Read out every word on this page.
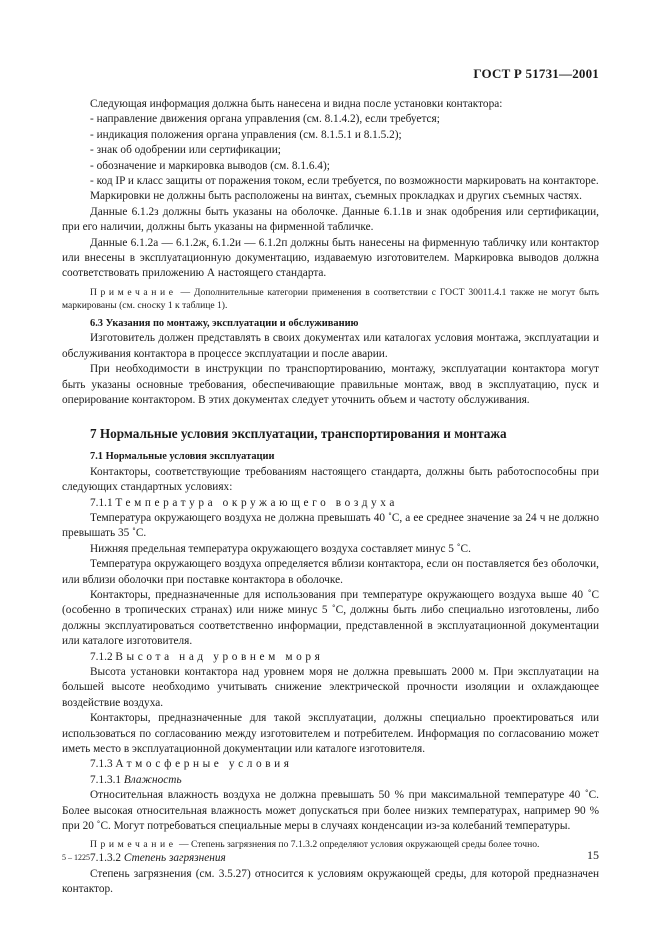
ГОСТ Р 51731—2001

Следующая информация должна быть нанесена и видна после установки контактора:

- направление движения органа управления (см. 8.1.4.2), если требуется;

- индикация положения органа управления (см. 8.1.5.1 и 8.1.5.2);

- знак об одобрении или сертификации;

- обозначение и маркировка выводов (см. 8.1.6.4);

- код IP и класс защиты от поражения током, если требуется, по возможности маркировать на контакторе.

Маркировки не должны быть расположены на винтах, съемных прокладках и других съемных частях.

Данные 6.1.2з должны быть указаны на оболочке. Данные 6.1.1в и знак одобрения или сертификации, при его наличии, должны быть указаны на фирменной табличке.

Данные 6.1.2а — 6.1.2ж, 6.1.2и — 6.1.2п должны быть нанесены на фирменную табличку или контактор или внесены в эксплуатационную документацию, издаваемую изготовителем. Маркировка выводов должна соответствовать приложению А настоящего стандарта.

Примечание — Дополнительные категории применения в соответствии с ГОСТ 30011.4.1 также не могут быть маркированы (см. сноску 1 к таблице 1).

6.3 Указания по монтажу, эксплуатации и обслуживанию

Изготовитель должен представлять в своих документах или каталогах условия монтажа, эксплуатации и обслуживания контактора в процессе эксплуатации и после аварии.

При необходимости в инструкции по транспортированию, монтажу, эксплуатации контактора могут быть указаны основные требования, обеспечивающие правильные монтаж, ввод в эксплуатацию, пуск и оперирование контактором. В этих документах следует уточнить объем и частоту обслуживания.

7 Нормальные условия эксплуатации, транспортирования и монтажа

7.1 Нормальные условия эксплуатации

Контакторы, соответствующие требованиям настоящего стандарта, должны быть работоспособны при следующих стандартных условиях:

7.1.1 Температура окружающего воздуха

Температура окружающего воздуха не должна превышать 40 ˚С, а ее среднее значение за 24 ч не должно превышать 35 ˚С.

Нижняя предельная температура окружающего воздуха составляет минус 5 ˚С.

Температура окружающего воздуха определяется вблизи контактора, если он поставляется без оболочки, или вблизи оболочки при поставке контактора в оболочке.

Контакторы, предназначенные для использования при температуре окружающего воздуха выше 40 ˚С (особенно в тропических странах) или ниже минус 5 ˚С, должны быть либо специально изготовлены, либо должны эксплуатироваться соответственно информации, представленной в эксплуатационной документации или каталоге изготовителя.

7.1.2 Высота над уровнем моря

Высота установки контактора над уровнем моря не должна превышать 2000 м. При эксплуатации на большей высоте необходимо учитывать снижение электрической прочности изоляции и охлаждающее воздействие воздуха.

Контакторы, предназначенные для такой эксплуатации, должны специально проектироваться или использоваться по согласованию между изготовителем и потребителем. Информация по согласованию может иметь место в эксплуатационной документации или каталоге изготовителя.

7.1.3 Атмосферные условия

7.1.3.1 Влажность

Относительная влажность воздуха не должна превышать 50 % при максимальной температуре 40 ˚С. Более высокая относительная влажность может допускаться при более низких температурах, например 90 % при 20 ˚С. Могут потребоваться специальные меры в случаях конденсации из-за колебаний температуры.

Примечание — Степень загрязнения по 7.1.3.2 определяют условия окружающей среды более точно.

7.1.3.2 Степень загрязнения

Степень загрязнения (см. 3.5.27) относится к условиям окружающей среды, для которой предназначен контактор.

5 – 1225	15
